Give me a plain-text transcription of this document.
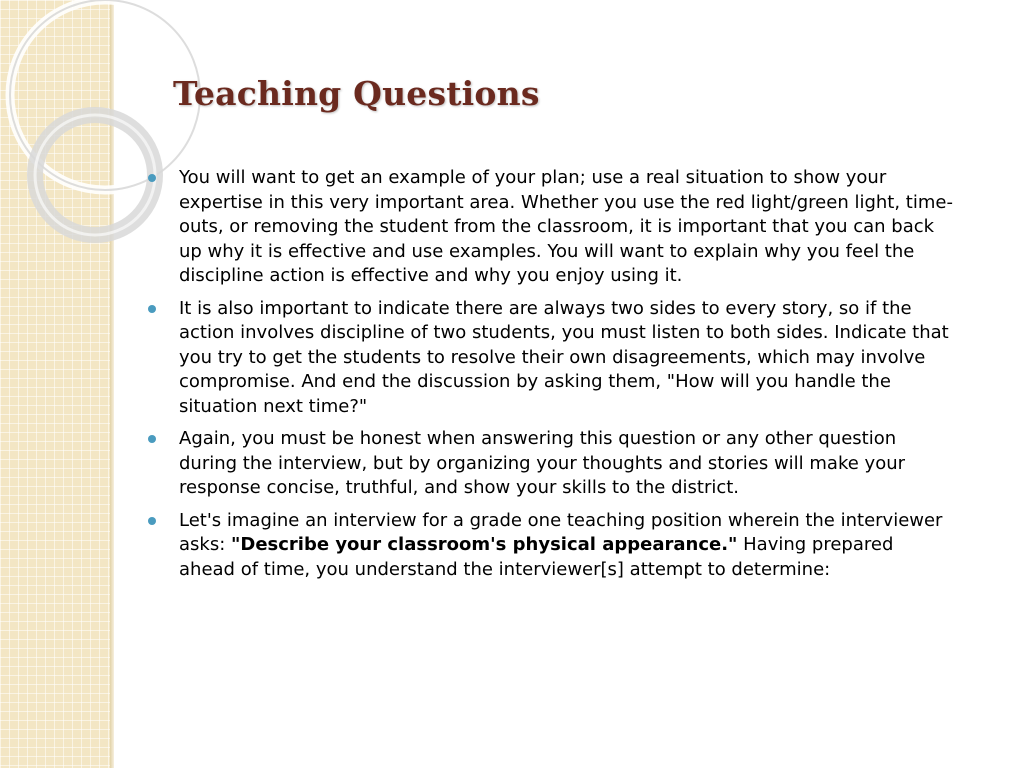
Teaching Questions
You will want to get an example of your plan; use a real situation to show your expertise in this very important area. Whether you use the red light/green light, time-outs, or removing the student from the classroom, it is important that you can back up why it is effective and use examples. You will want to explain why you feel the discipline action is effective and why you enjoy using it.
It is also important to indicate there are always two sides to every story, so if the action involves discipline of two students, you must listen to both sides. Indicate that you try to get the students to resolve their own disagreements, which may involve compromise. And end the discussion by asking them, "How will you handle the situation next time?"
Again, you must be honest when answering this question or any other question during the interview, but by organizing your thoughts and stories will make your response concise, truthful, and show your skills to the district.
Let's imagine an interview for a grade one teaching position wherein the interviewer asks: "Describe your classroom's physical appearance." Having prepared ahead of time, you understand the interviewer[s] attempt to determine:
